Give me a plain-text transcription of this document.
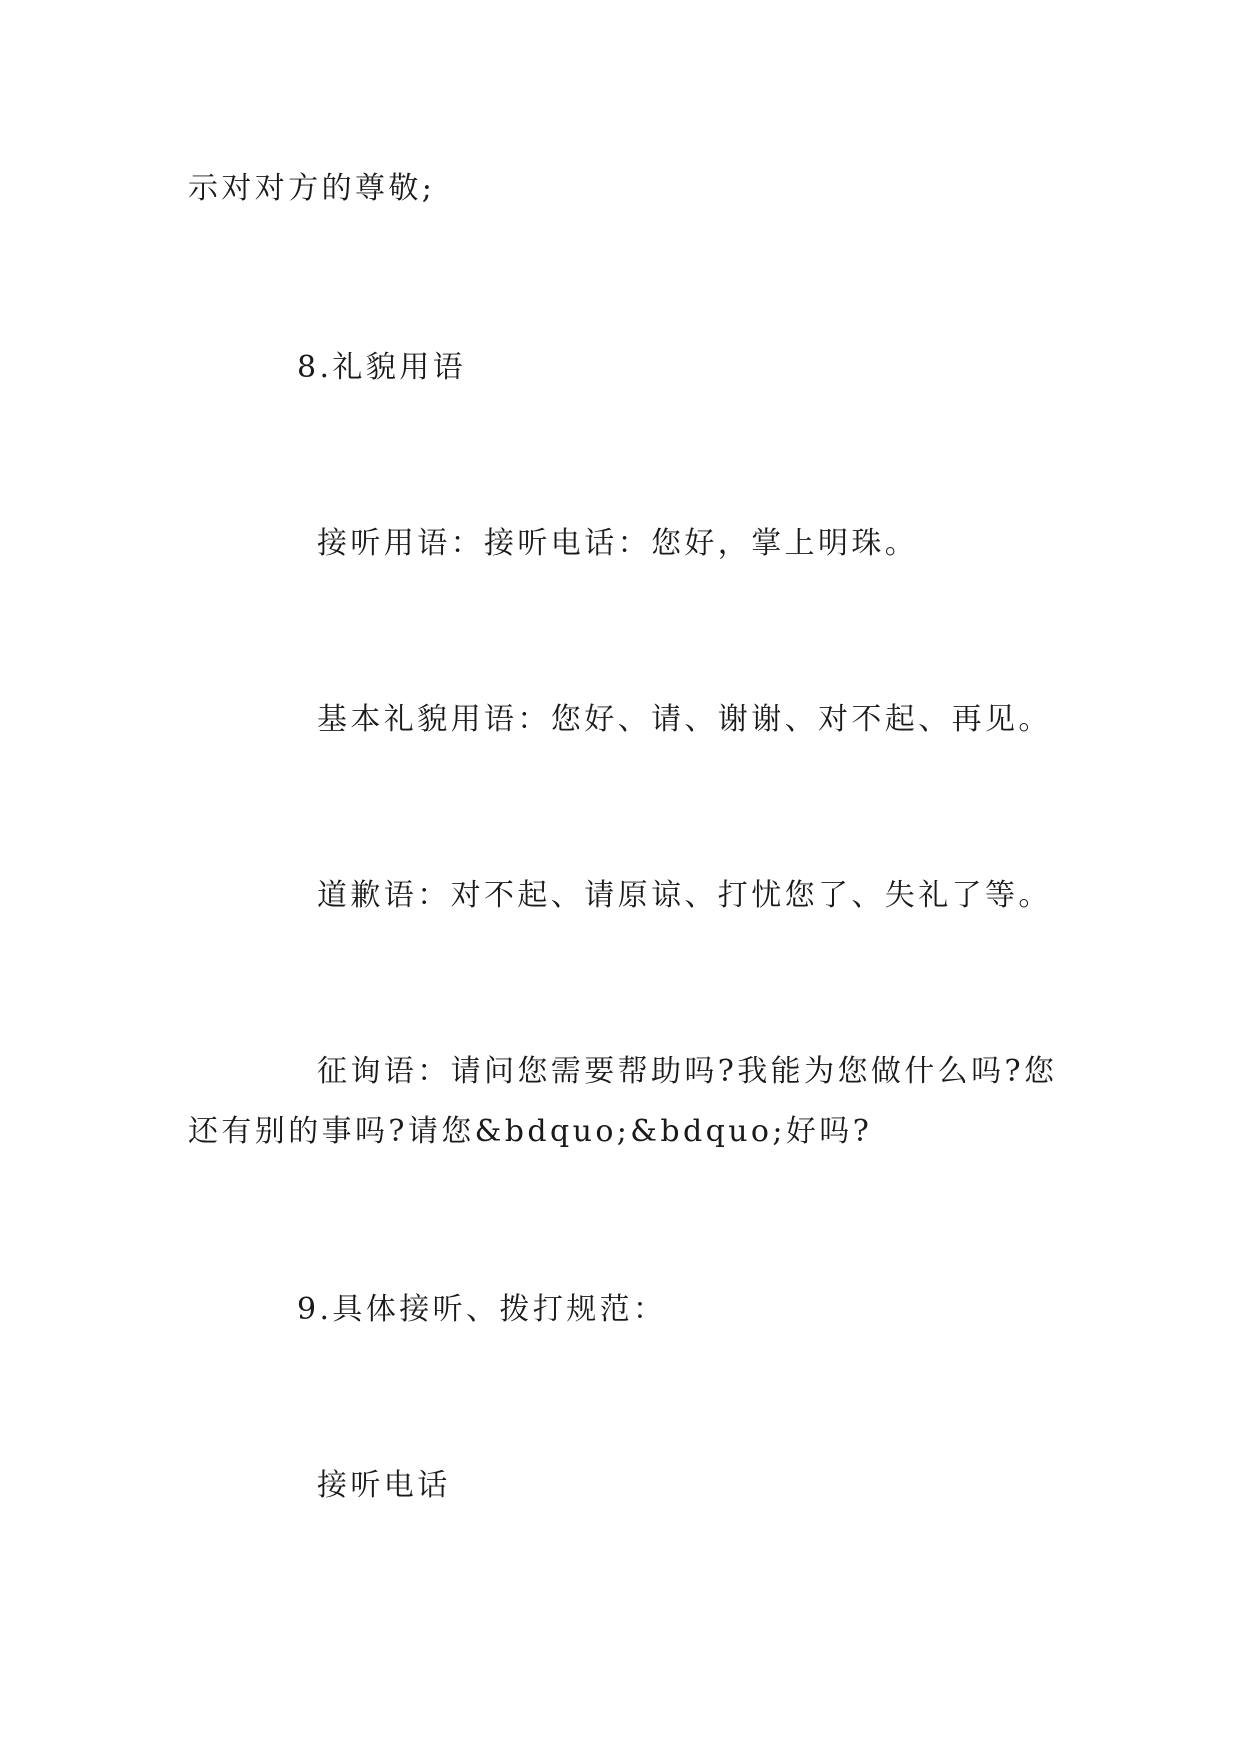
示对对方的尊敬;

8.礼貌用语

接听用语：接听电话：您好，掌上明珠。

基本礼貌用语：您好、请、谢谢、对不起、再见。

道歉语：对不起、请原谅、打忧您了、失礼了等。

征询语：请问您需要帮助吗?我能为您做什么吗?您

还有别的事吗?请您&bdquo;&bdquo;好吗?

9.具体接听、拨打规范：

接听电话
